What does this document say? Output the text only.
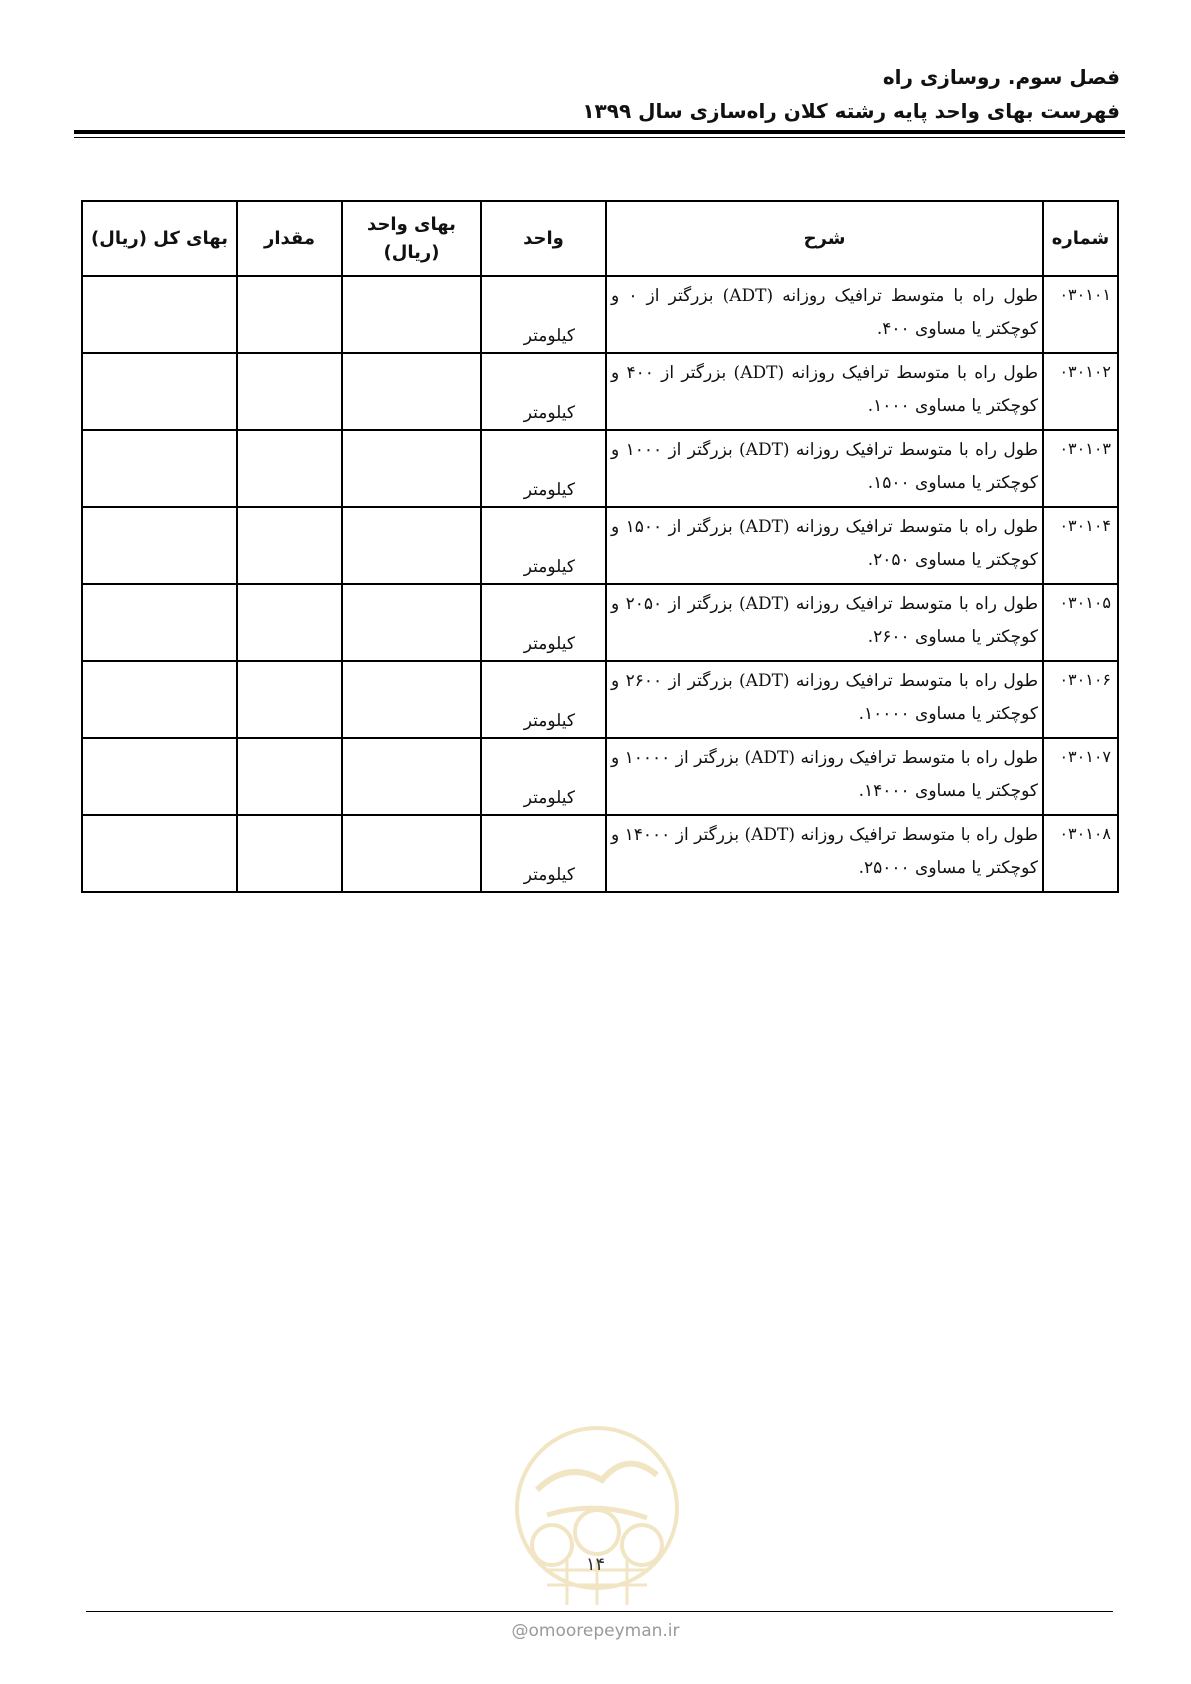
فصل سوم. روسازی راه
فهرست بهای واحد پایه رشته کلان راه‌سازی سال ۱۳۹۹
شماره	شرح	واحد	بهای واحد (ریال)	مقدار	بهای کل (ریال)
۰۳۰۱۰۱	طول راه با متوسط ترافیک روزانه (ADT) بزرگتر از ۰ و کوچکتر یا مساوی ۴۰۰.	کیلومتر			
۰۳۰۱۰۲	طول راه با متوسط ترافیک روزانه (ADT) بزرگتر از ۴۰۰ و کوچکتر یا مساوی ۱۰۰۰.	کیلومتر			
۰۳۰۱۰۳	طول راه با متوسط ترافیک روزانه (ADT) بزرگتر از ۱۰۰۰ و کوچکتر یا مساوی ۱۵۰۰.	کیلومتر			
۰۳۰۱۰۴	طول راه با متوسط ترافیک روزانه (ADT) بزرگتر از ۱۵۰۰ و کوچکتر یا مساوی ۲۰۵۰.	کیلومتر			
۰۳۰۱۰۵	طول راه با متوسط ترافیک روزانه (ADT) بزرگتر از ۲۰۵۰ و کوچکتر یا مساوی ۲۶۰۰.	کیلومتر			
۰۳۰۱۰۶	طول راه با متوسط ترافیک روزانه (ADT) بزرگتر از ۲۶۰۰ و کوچکتر یا مساوی ۱۰۰۰۰.	کیلومتر			
۰۳۰۱۰۷	طول راه با متوسط ترافیک روزانه (ADT) بزرگتر از ۱۰۰۰۰ و کوچکتر یا مساوی ۱۴۰۰۰.	کیلومتر			
۰۳۰۱۰۸	طول راه با متوسط ترافیک روزانه (ADT) بزرگتر از ۱۴۰۰۰ و کوچکتر یا مساوی ۲۵۰۰۰.	کیلومتر			
۱۴
@omoorepeyman.ir
